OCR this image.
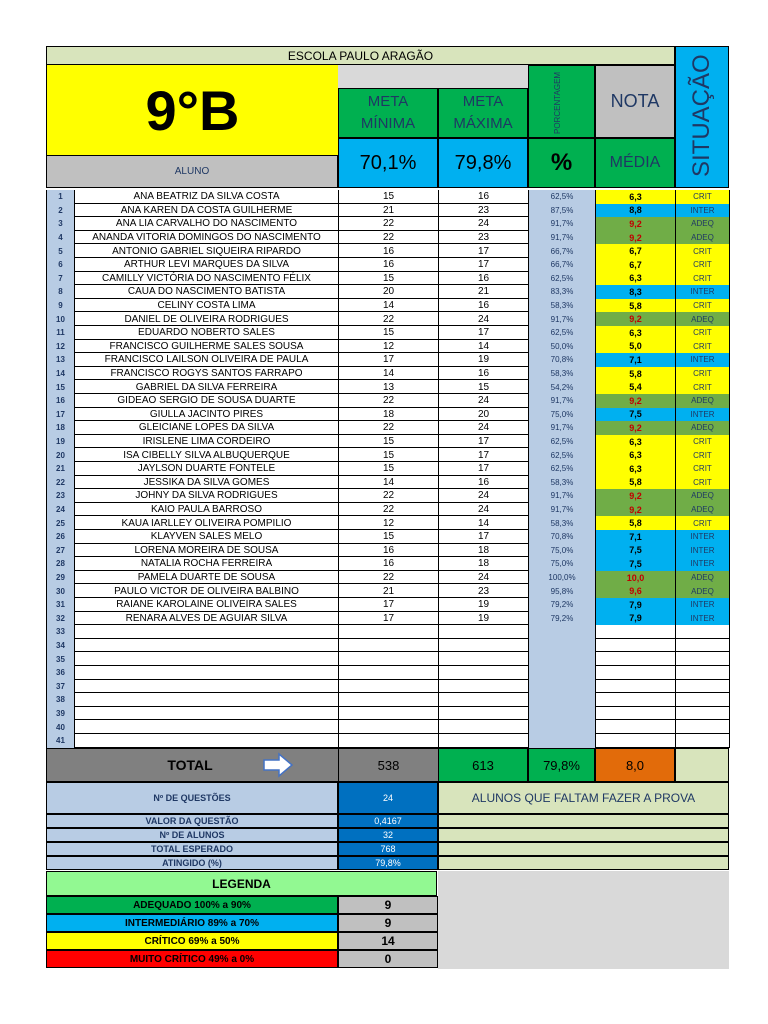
ESCOLA PAULO ARAGÃO
9°B
ALUNO
META MÍNIMA
70,1%
META MÁXIMA
79,8%
PORCENTAGEM
%
NOTA
MÉDIA	SITUAÇÃO
1	ANA BEATRIZ DA SILVA COSTA	15	16	62,5%	6,3	CRIT
2	ANA KAREN DA COSTA GUILHERME	21	23	87,5%	8,8	INTER
3	ANA LIA CARVALHO DO NASCIMENTO	22	24	91,7%	9,2	ADEQ
4	ANANDA VITORIA DOMINGOS DO NASCIMENTO	22	23	91,7%	9,2	ADEQ
5	ANTONIO GABRIEL SIQUEIRA RIPARDO	16	17	66,7%	6,7	CRIT
6	ARTHUR LEVI MARQUES DA SILVA	16	17	66,7%	6,7	CRIT
7	CAMILLY VICTÓRIA DO NASCIMENTO FÉLIX	15	16	62,5%	6,3	CRIT
8	CAUA DO NASCIMENTO BATISTA	20	21	83,3%	8,3	INTER
9	CELINY COSTA LIMA	14	16	58,3%	5,8	CRIT
10	DANIEL DE OLIVEIRA RODRIGUES	22	24	91,7%	9,2	ADEQ
11	EDUARDO NOBERTO SALES	15	17	62,5%	6,3	CRIT
12	FRANCISCO GUILHERME SALES SOUSA	12	14	50,0%	5,0	CRIT
13	FRANCISCO LAILSON OLIVEIRA DE PAULA	17	19	70,8%	7,1	INTER
14	FRANCISCO ROGYS SANTOS FARRAPO	14	16	58,3%	5,8	CRIT
15	GABRIEL DA SILVA FERREIRA	13	15	54,2%	5,4	CRIT
16	GIDEAO SERGIO DE SOUSA DUARTE	22	24	91,7%	9,2	ADEQ
17	GIULLA JACINTO PIRES	18	20	75,0%	7,5	INTER
18	GLEICIANE LOPES DA SILVA	22	24	91,7%	9,2	ADEQ
19	IRISLENE LIMA CORDEIRO	15	17	62,5%	6,3	CRIT
20	ISA CIBELLY SILVA ALBUQUERQUE	15	17	62,5%	6,3	CRIT
21	JAYLSON DUARTE FONTELE	15	17	62,5%	6,3	CRIT
22	JESSIKA DA SILVA GOMES	14	16	58,3%	5,8	CRIT
23	JOHNY DA SILVA RODRIGUES	22	24	91,7%	9,2	ADEQ
24	KAIO PAULA BARROSO	22	24	91,7%	9,2	ADEQ
25	KAUA IARLLEY OLIVEIRA POMPILIO	12	14	58,3%	5,8	CRIT
26	KLAYVEN SALES MELO	15	17	70,8%	7,1	INTER
27	LORENA MOREIRA DE SOUSA	16	18	75,0%	7,5	INTER
28	NATALIA ROCHA FERREIRA	16	18	75,0%	7,5	INTER
29	PAMELA DUARTE DE SOUSA	22	24	100,0%	10,0	ADEQ
30	PAULO VICTOR DE OLIVEIRA BALBINO	21	23	95,8%	9,6	ADEQ
31	RAIANE KAROLAINE OLIVEIRA SALES	17	19	79,2%	7,9	INTER
32	RENARA ALVES DE AGUIAR SILVA	17	19	79,2%	7,9	INTER
33
34
35
36
37
38
39
40
41
TOTAL	538	613	79,8%	8,0
Nº DE QUESTÕES	24	ALUNOS QUE FALTAM FAZER A PROVA
VALOR DA QUESTÃO	0,4167
Nº DE ALUNOS	32
TOTAL ESPERADO	768
ATINGIDO (%)	79,8%
LEGENDA
ADEQUADO 100% a 90%	9
INTERMEDIÁRIO 89% a 70%	9
CRÍTICO 69% a 50%	14
MUITO CRÍTICO 49% a 0%	0
